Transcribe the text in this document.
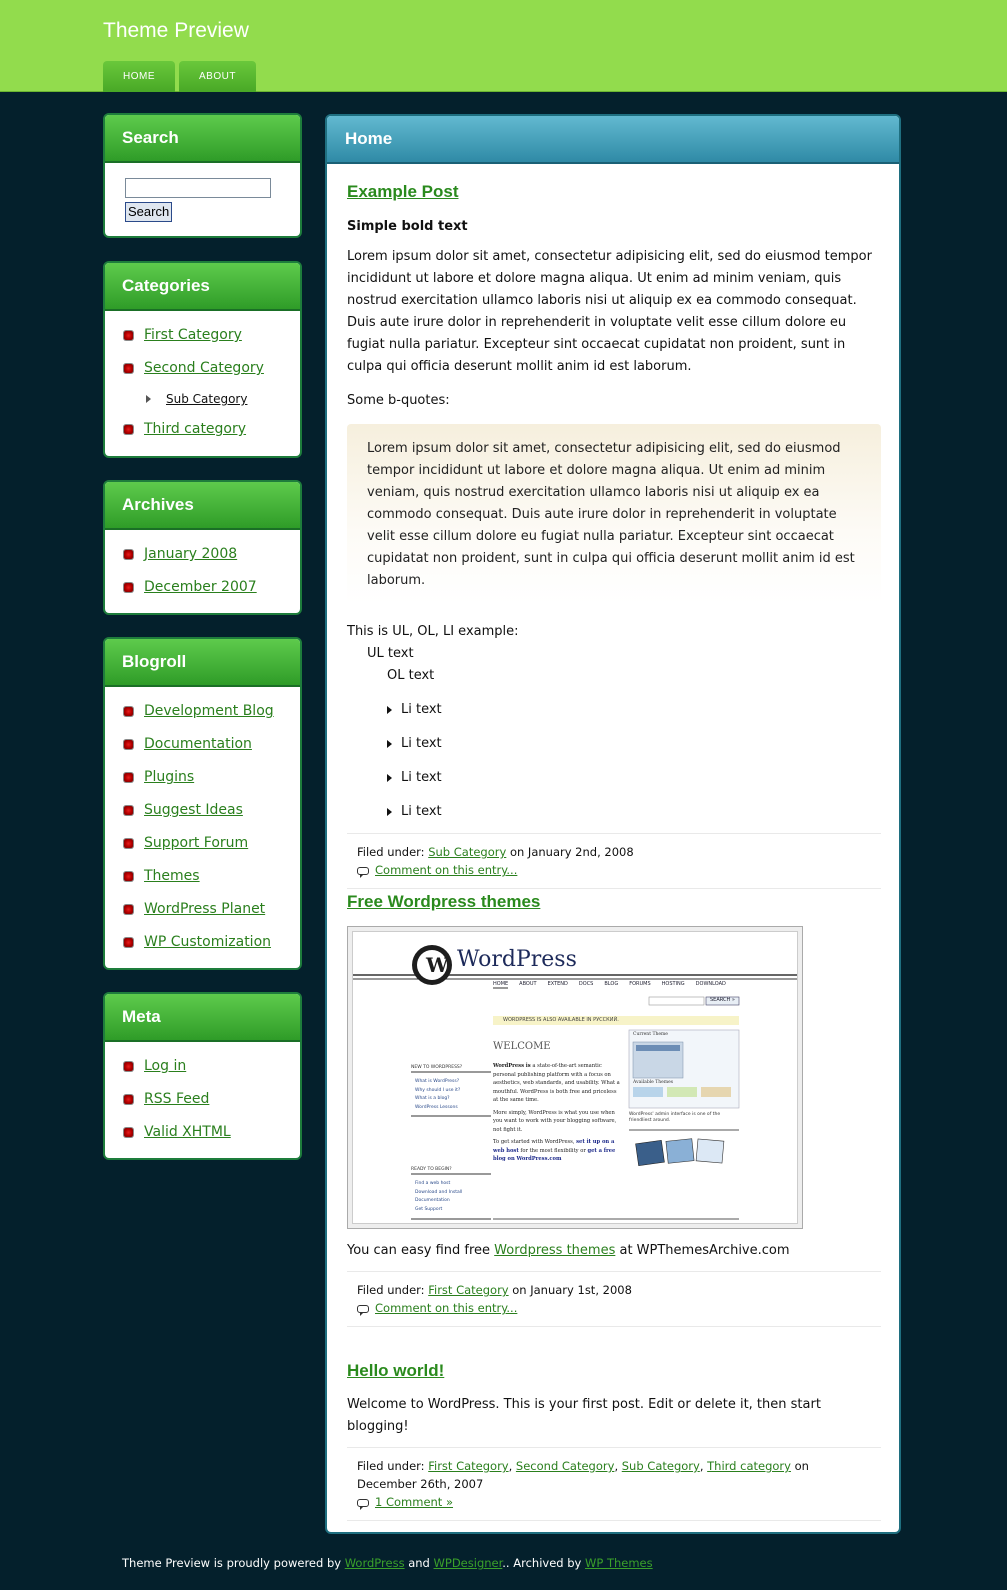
Theme Preview
HOME	ABOUT
Search
Search
Categories
First Category
Second Category
Sub Category
Third category
Archives
January 2008
December 2007
Blogroll
Development Blog
Documentation
Plugins
Suggest Ideas
Support Forum
Themes
WordPress Planet
WP Customization
Meta
Log in
RSS Feed
Valid XHTML
Home
Example Post

Simple bold text

Lorem ipsum dolor sit amet, consectetur adipisicing elit, sed do eiusmod tempor incididunt ut labore et dolore magna aliqua. Ut enim ad minim veniam, quis nostrud exercitation ullamco laboris nisi ut aliquip ex ea commodo consequat. Duis aute irure dolor in reprehenderit in voluptate velit esse cillum dolore eu fugiat nulla pariatur. Excepteur sint occaecat cupidatat non proident, sunt in culpa qui officia deserunt mollit anim id est laborum.

Some b-quotes:

Lorem ipsum dolor sit amet, consectetur adipisicing elit, sed do eiusmod tempor incididunt ut labore et dolore magna aliqua. Ut enim ad minim veniam, quis nostrud exercitation ullamco laboris nisi ut aliquip ex ea commodo consequat. Duis aute irure dolor in reprehenderit in voluptate velit esse cillum dolore eu fugiat nulla pariatur. Excepteur sint occaecat cupidatat non proident, sunt in culpa qui officia deserunt mollit anim id est laborum.

This is UL, OL, LI example:

UL text
OL text
Li text
Li text
Li text
Li text
Filed under: Sub Category on January 2nd, 2008
Comment on this entry...
Free Wordpress themes
W WordPress
HOME ABOUT EXTEND DOCS BLOG FORUMS HOSTING DOWNLOAD
SEARCH »
WORDPRESS IS ALSO AVAILABLE IN РУССКИЙ.
WELCOME
NEW TO WORDPRESS?
What is WordPress?
Why should I use it?
What is a blog?
WordPress Lessons
READY TO BEGIN?
Find a web host
Download and Install
Documentation
Get Support
WordPress is a state-of-the-art semantic personal publishing platform with a focus on aesthetics, web standards, and usability. What a mouthful. WordPress is both free and priceless at the same time.
More simply, WordPress is what you use when you want to work with your blogging software, not fight it.
To get started with WordPress, set it up on a web host for the most flexibility or get a free blog on WordPress.com
Current Theme
Available Themes
WordPress' admin interface is one of the friendliest around.

You can easy find free Wordpress themes at WPThemesArchive.com

Filed under: First Category on January 1st, 2008
Comment on this entry...
Hello world!

Welcome to WordPress. This is your first post. Edit or delete it, then start blogging!

Filed under: First Category, Second Category, Sub Category, Third category on December 26th, 2007
1 Comment »
Theme Preview is proudly powered by WordPress and WPDesigner.. Archived by WP Themes
